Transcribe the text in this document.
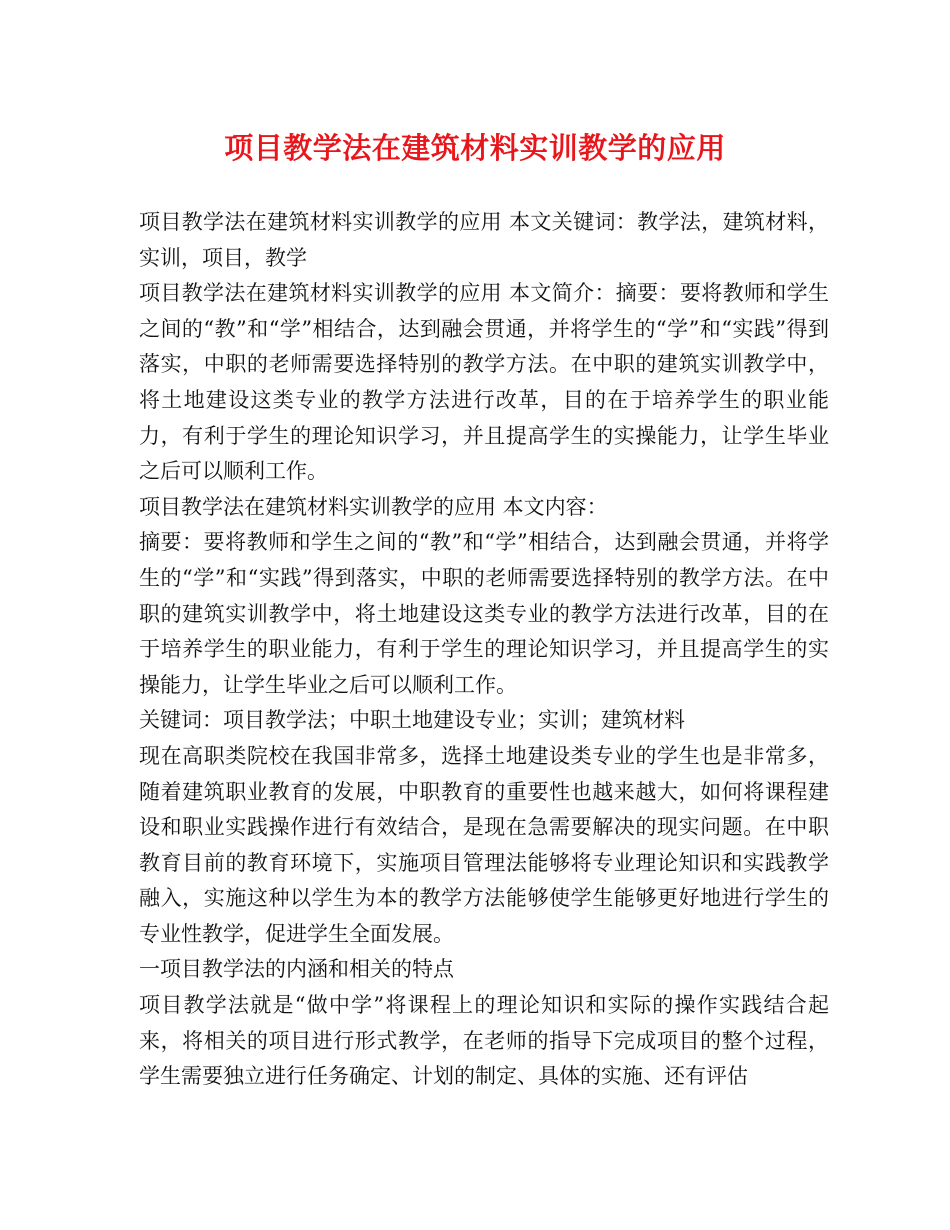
项目教学法在建筑材料实训教学的应用

项目教学法在建筑材料实训教学的应用 本文关键词：教学法，建筑材料，实训，项目，教学

项目教学法在建筑材料实训教学的应用 本文简介：摘要：要将教师和学生之间的“教”和“学”相结合，达到融会贯通，并将学生的“学”和“实践”得到落实，中职的老师需要选择特别的教学方法。在中职的建筑实训教学中，将土地建设这类专业的教学方法进行改革，目的在于培养学生的职业能力，有利于学生的理论知识学习，并且提高学生的实操能力，让学生毕业之后可以顺利工作。

项目教学法在建筑材料实训教学的应用 本文内容：

摘要：要将教师和学生之间的“教”和“学”相结合，达到融会贯通，并将学生的“学”和“实践”得到落实，中职的老师需要选择特别的教学方法。在中职的建筑实训教学中，将土地建设这类专业的教学方法进行改革，目的在于培养学生的职业能力，有利于学生的理论知识学习，并且提高学生的实操能力，让学生毕业之后可以顺利工作。

关键词：项目教学法；中职土地建设专业；实训；建筑材料

现在高职类院校在我国非常多，选择土地建设类专业的学生也是非常多，随着建筑职业教育的发展，中职教育的重要性也越来越大，如何将课程建设和职业实践操作进行有效结合，是现在急需要解决的现实问题。在中职教育目前的教育环境下，实施项目管理法能够将专业理论知识和实践教学融入，实施这种以学生为本的教学方法能够使学生能够更好地进行学生的专业性教学，促进学生全面发展。

一项目教学法的内涵和相关的特点

项目教学法就是“做中学”将课程上的理论知识和实际的操作实践结合起来，将相关的项目进行形式教学，在老师的指导下完成项目的整个过程，学生需要独立进行任务确定、计划的制定、具体的实施、还有评估
